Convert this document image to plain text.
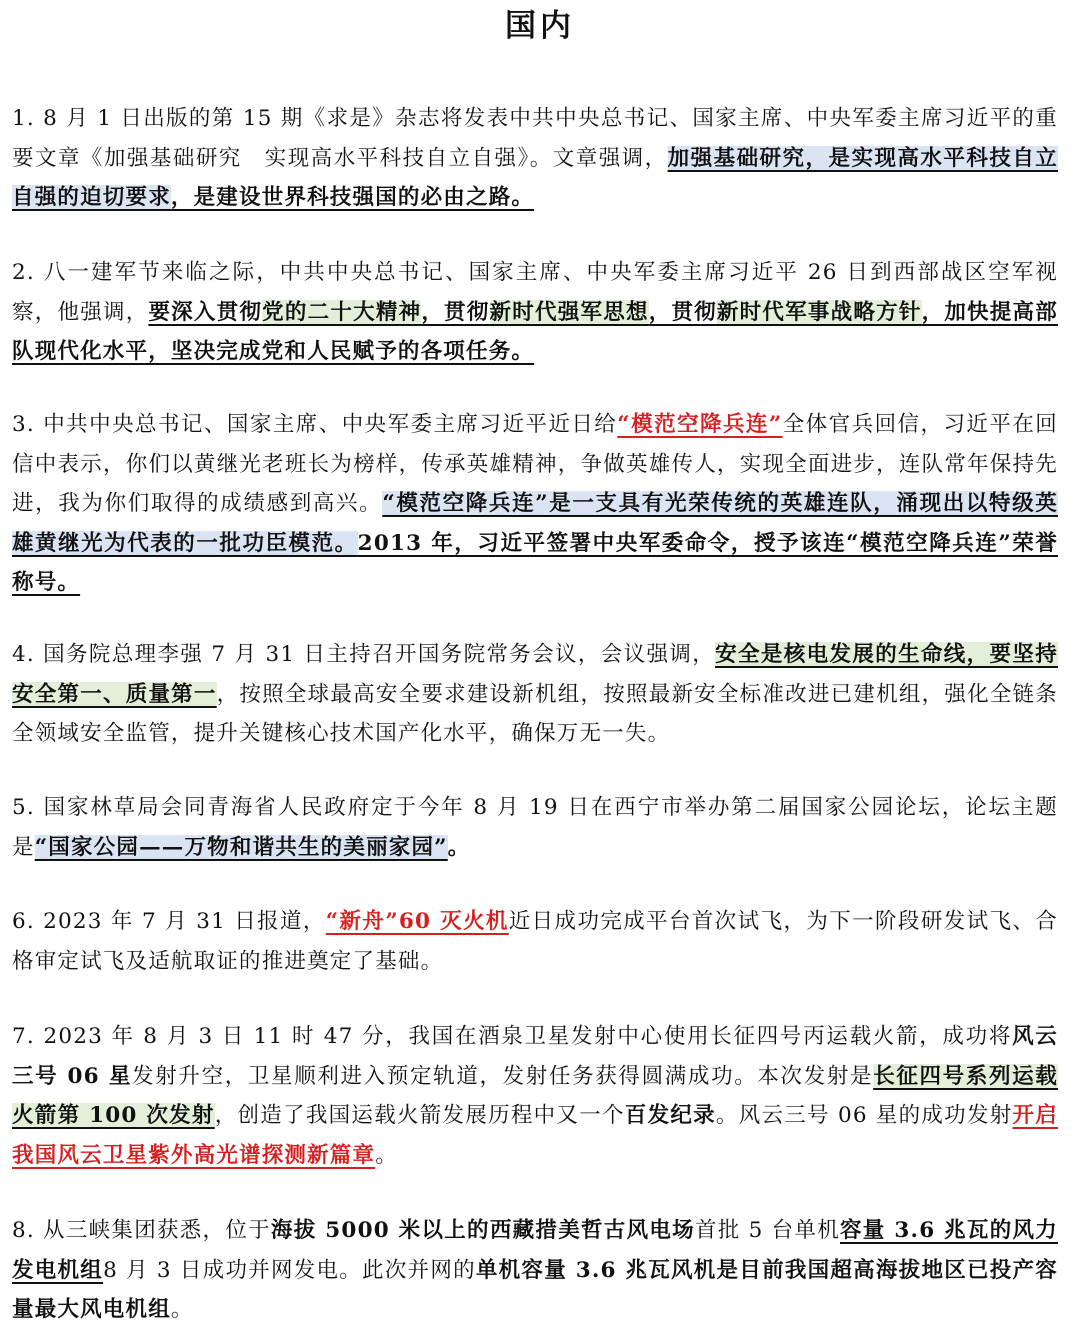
国内
1. 8 月 1 日出版的第 15 期《求是》杂志将发表中共中央总书记、国家主席、中央军委主席习近平的重要文章《加强基础研究　实现高水平科技自立自强》。文章强调，加强基础研究，是实现高水平科技自立自强的迫切要求，是建设世界科技强国的必由之路。
2. 八一建军节来临之际，中共中央总书记、国家主席、中央军委主席习近平 26 日到西部战区空军视察，他强调，要深入贯彻党的二十大精神，贯彻新时代强军思想，贯彻新时代军事战略方针，加快提高部队现代化水平，坚决完成党和人民赋予的各项任务。
3. 中共中央总书记、国家主席、中央军委主席习近平近日给“模范空降兵连”全体官兵回信，习近平在回信中表示，你们以黄继光老班长为榜样，传承英雄精神，争做英雄传人，实现全面进步，连队常年保持先进，我为你们取得的成绩感到高兴。“模范空降兵连”是一支具有光荣传统的英雄连队，涌现出以特级英雄黄继光为代表的一批功臣模范。2013 年，习近平签署中央军委命令，授予该连“模范空降兵连”荣誉称号。
4. 国务院总理李强 7 月 31 日主持召开国务院常务会议，会议强调，安全是核电发展的生命线，要坚持安全第一、质量第一，按照全球最高安全要求建设新机组，按照最新安全标准改进已建机组，强化全链条全领域安全监管，提升关键核心技术国产化水平，确保万无一失。
5. 国家林草局会同青海省人民政府定于今年 8 月 19 日在西宁市举办第二届国家公园论坛，论坛主题是“国家公园——万物和谐共生的美丽家园”。
6. 2023 年 7 月 31 日报道，“新舟”60 灭火机近日成功完成平台首次试飞，为下一阶段研发试飞、合格审定试飞及适航取证的推进奠定了基础。
7. 2023 年 8 月 3 日 11 时 47 分，我国在酒泉卫星发射中心使用长征四号丙运载火箭，成功将风云三号 06 星发射升空，卫星顺利进入预定轨道，发射任务获得圆满成功。本次发射是长征四号系列运载火箭第 100 次发射，创造了我国运载火箭发展历程中又一个百发纪录。风云三号 06 星的成功发射开启我国风云卫星紫外高光谱探测新篇章。
8. 从三峡集团获悉，位于海拔 5000 米以上的西藏措美哲古风电场首批 5 台单机容量 3.6 兆瓦的风力发电机组8 月 3 日成功并网发电。此次并网的单机容量 3.6 兆瓦风机是目前我国超高海拔地区已投产容量最大风电机组。
